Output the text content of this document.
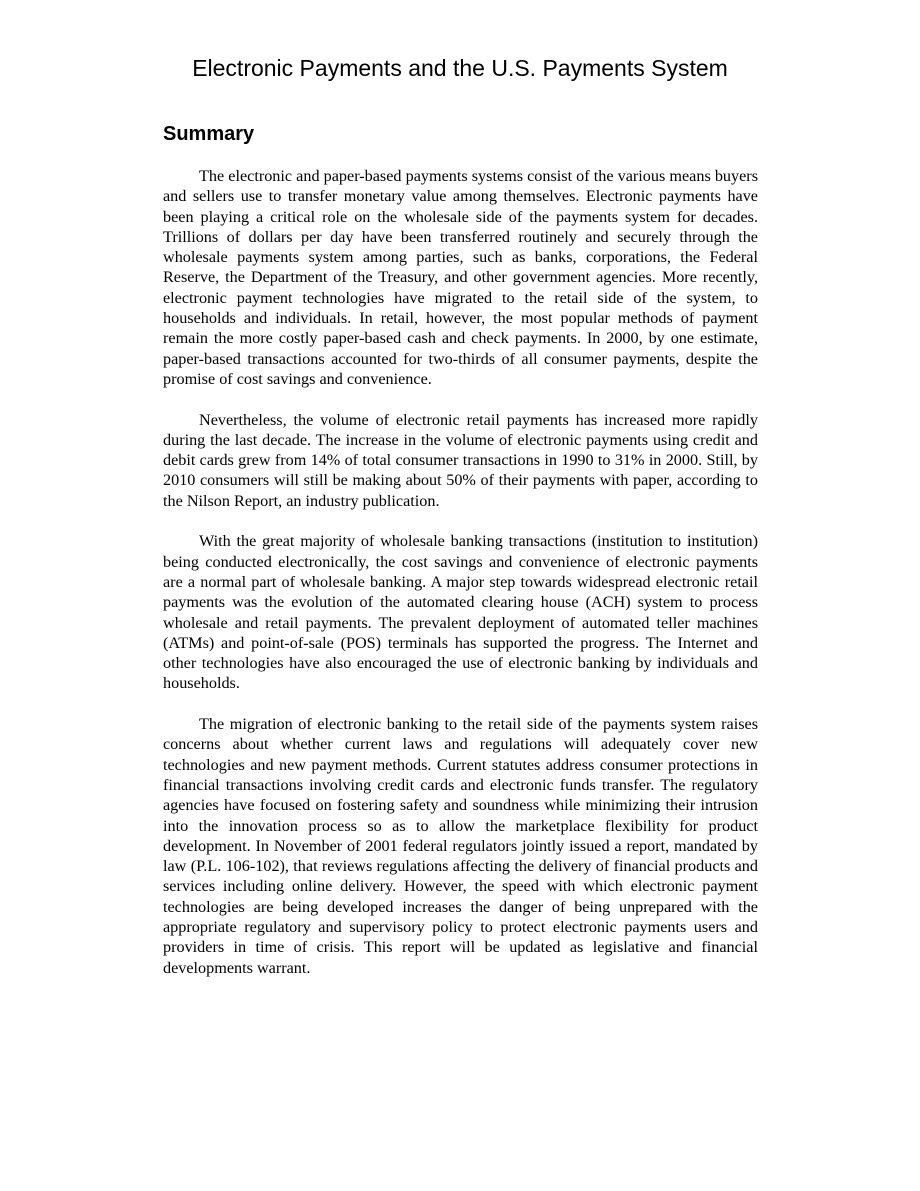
Electronic Payments and the U.S. Payments System
Summary

The electronic and paper-based payments systems consist of the various means buyers and sellers use to transfer monetary value among themselves. Electronic payments have been playing a critical role on the wholesale side of the payments system for decades. Trillions of dollars per day have been transferred routinely and securely through the wholesale payments system among parties, such as banks, corporations, the Federal Reserve, the Department of the Treasury, and other government agencies. More recently, electronic payment technologies have migrated to the retail side of the system, to households and individuals. In retail, however, the most popular methods of payment remain the more costly paper-based cash and check payments. In 2000, by one estimate, paper-based transactions accounted for two-thirds of all consumer payments, despite the promise of cost savings and convenience.

Nevertheless, the volume of electronic retail payments has increased more rapidly during the last decade. The increase in the volume of electronic payments using credit and debit cards grew from 14% of total consumer transactions in 1990 to 31% in 2000. Still, by 2010 consumers will still be making about 50% of their payments with paper, according to the Nilson Report, an industry publication.

With the great majority of wholesale banking transactions (institution to institution) being conducted electronically, the cost savings and convenience of electronic payments are a normal part of wholesale banking. A major step towards widespread electronic retail payments was the evolution of the automated clearing house (ACH) system to process wholesale and retail payments. The prevalent deployment of automated teller machines (ATMs) and point-of-sale (POS) terminals has supported the progress. The Internet and other technologies have also encouraged the use of electronic banking by individuals and households.

The migration of electronic banking to the retail side of the payments system raises concerns about whether current laws and regulations will adequately cover new technologies and new payment methods. Current statutes address consumer protections in financial transactions involving credit cards and electronic funds transfer. The regulatory agencies have focused on fostering safety and soundness while minimizing their intrusion into the innovation process so as to allow the marketplace flexibility for product development. In November of 2001 federal regulators jointly issued a report, mandated by law (P.L. 106-102), that reviews regulations affecting the delivery of financial products and services including online delivery. However, the speed with which electronic payment technologies are being developed increases the danger of being unprepared with the appropriate regulatory and supervisory policy to protect electronic payments users and providers in time of crisis. This report will be updated as legislative and financial developments warrant.
